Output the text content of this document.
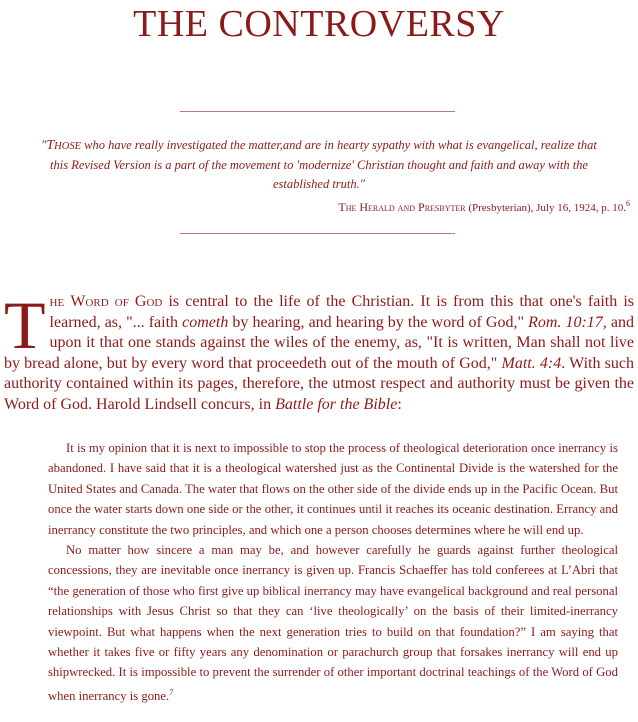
THE CONTROVERSY
"THOSE who have really investigated the matter,and are in hearty sypathy with what is evangelical, realize that this Revised Version is a part of the movement to 'modernize' Christian thought and faith and away with the established truth."
The Herald and Presbyter (Presbyterian), July 16, 1924, p. 10.$^6$
The Word of God is central to the life of the Christian. It is from this that one's faith is learned, as, "... faith cometh by hearing, and hearing by the word of God," Rom. 10:17, and upon it that one stands against the wiles of the enemy, as, "It is written, Man shall not live by bread alone, but by every word that proceedeth out of the mouth of God," Matt. 4:4. With such authority contained within its pages, therefore, the utmost respect and authority must be given the Word of God. Harold Lindsell concurs, in Battle for the Bible:

It is my opinion that it is next to impossible to stop the process of theological deterioration once inerrancy is abandoned. I have said that it is a theological watershed just as the Continental Divide is the watershed for the United States and Canada. The water that flows on the other side of the divide ends up in the Pacific Ocean. But once the water starts down one side or the other, it continues until it reaches its oceanic destination. Errancy and inerrancy constitute the two principles, and which one a person chooses determines where he will end up.

No matter how sincere a man may be, and however carefully he guards against further theological concessions, they are inevitable once inerrancy is given up. Francis Schaeffer has told conferees at L’Abri that “the generation of those who first give up biblical inerrancy may have evangelical background and real personal relationships with Jesus Christ so that they can ‘live theologically’ on the basis of their limited-inerrancy viewpoint. But what happens when the next generation tries to build on that foundation?” I am saying that whether it takes five or fifty years any denomination or parachurch group that forsakes inerrancy will end up shipwrecked. It is impossible to prevent the surrender of other important doctrinal teachings of the Word of God when inerrancy is gone.$^7$
